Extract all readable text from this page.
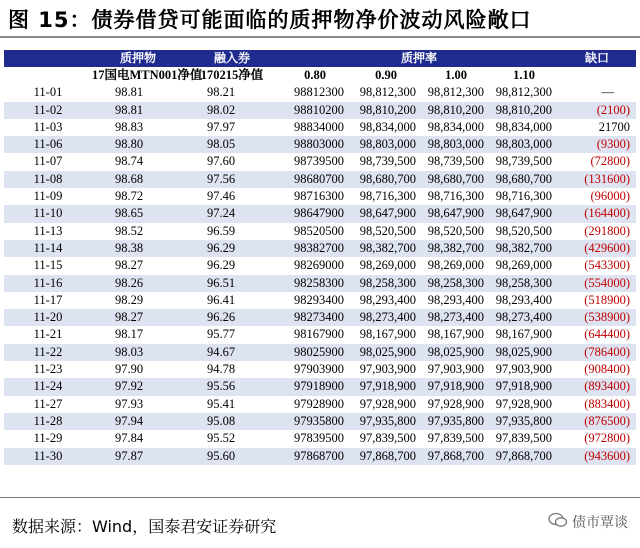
图 15：债券借贷可能面临的质押物净价波动风险敞口
	质押物	融入券	质押率				缺口
	17国电MTN001净值	170215净值	0.80	0.90	1.00	1.10	
11-01	98.81	98.21	98812300	98,812,300	98,812,300	98,812,300	—
11-02	98.81	98.02	98810200	98,810,200	98,810,200	98,810,200	(2100)
11-03	98.83	97.97	98834000	98,834,000	98,834,000	98,834,000	21700
11-06	98.80	98.05	98803000	98,803,000	98,803,000	98,803,000	(9300)
11-07	98.74	97.60	98739500	98,739,500	98,739,500	98,739,500	(72800)
11-08	98.68	97.56	98680700	98,680,700	98,680,700	98,680,700	(131600)
11-09	98.72	97.46	98716300	98,716,300	98,716,300	98,716,300	(96000)
11-10	98.65	97.24	98647900	98,647,900	98,647,900	98,647,900	(164400)
11-13	98.52	96.59	98520500	98,520,500	98,520,500	98,520,500	(291800)
11-14	98.38	96.29	98382700	98,382,700	98,382,700	98,382,700	(429600)
11-15	98.27	96.29	98269000	98,269,000	98,269,000	98,269,000	(543300)
11-16	98.26	96.51	98258300	98,258,300	98,258,300	98,258,300	(554000)
11-17	98.29	96.41	98293400	98,293,400	98,293,400	98,293,400	(518900)
11-20	98.27	96.26	98273400	98,273,400	98,273,400	98,273,400	(538900)
11-21	98.17	95.77	98167900	98,167,900	98,167,900	98,167,900	(644400)
11-22	98.03	94.67	98025900	98,025,900	98,025,900	98,025,900	(786400)
11-23	97.90	94.78	97903900	97,903,900	97,903,900	97,903,900	(908400)
11-24	97.92	95.56	97918900	97,918,900	97,918,900	97,918,900	(893400)
11-27	97.93	95.41	97928900	97,928,900	97,928,900	97,928,900	(883400)
11-28	97.94	95.08	97935800	97,935,800	97,935,800	97,935,800	(876500)
11-29	97.84	95.52	97839500	97,839,500	97,839,500	97,839,500	(972800)
11-30	97.87	95.60	97868700	97,868,700	97,868,700	97,868,700	(943600)
数据来源：Wind，国泰君安证券研究	债市覃谈
